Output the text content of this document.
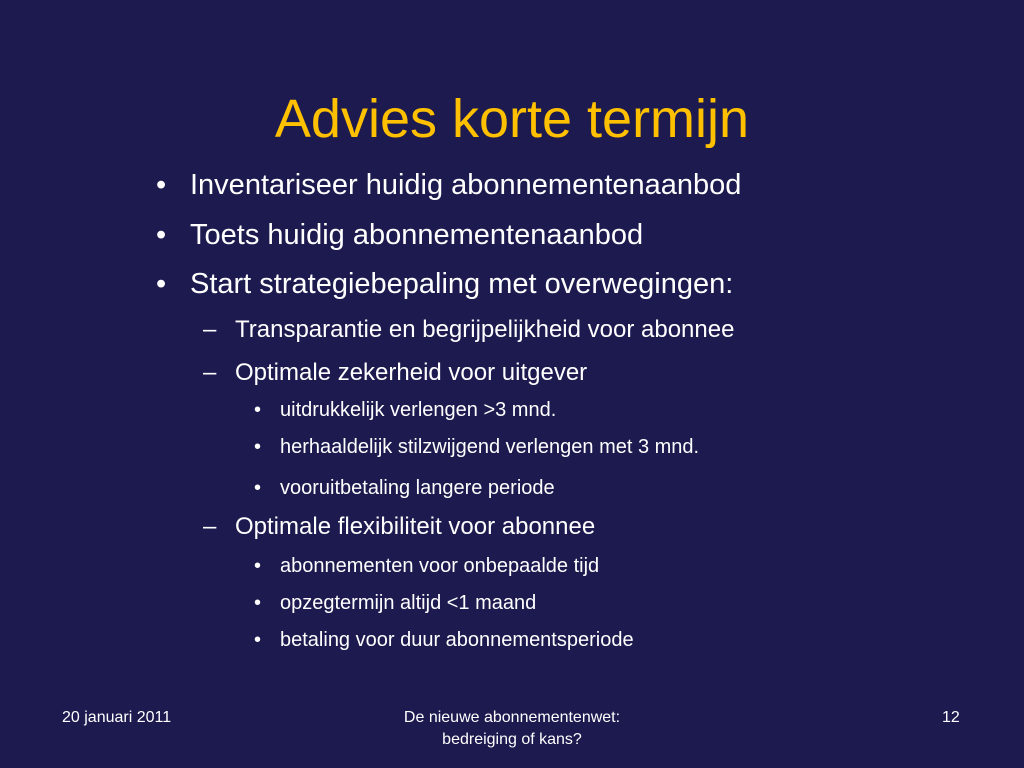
Advies korte termijn
• Inventariseer huidig abonnementenaanbod
• Toets huidig abonnementenaanbod
• Start strategiebepaling met overwegingen:
– Transparantie en begrijpelijkheid voor abonnee
– Optimale zekerheid voor uitgever
• uitdrukkelijk verlengen >3 mnd.
• herhaaldelijk stilzwijgend verlengen met 3 mnd.
• vooruitbetaling langere periode
– Optimale flexibiliteit voor abonnee
• abonnementen voor onbepaalde tijd
• opzegtermijn altijd <1 maand
• betaling voor duur abonnementsperiode
20 januari 2011	De nieuwe abonnementenwet:
bedreiging of kans?
12
